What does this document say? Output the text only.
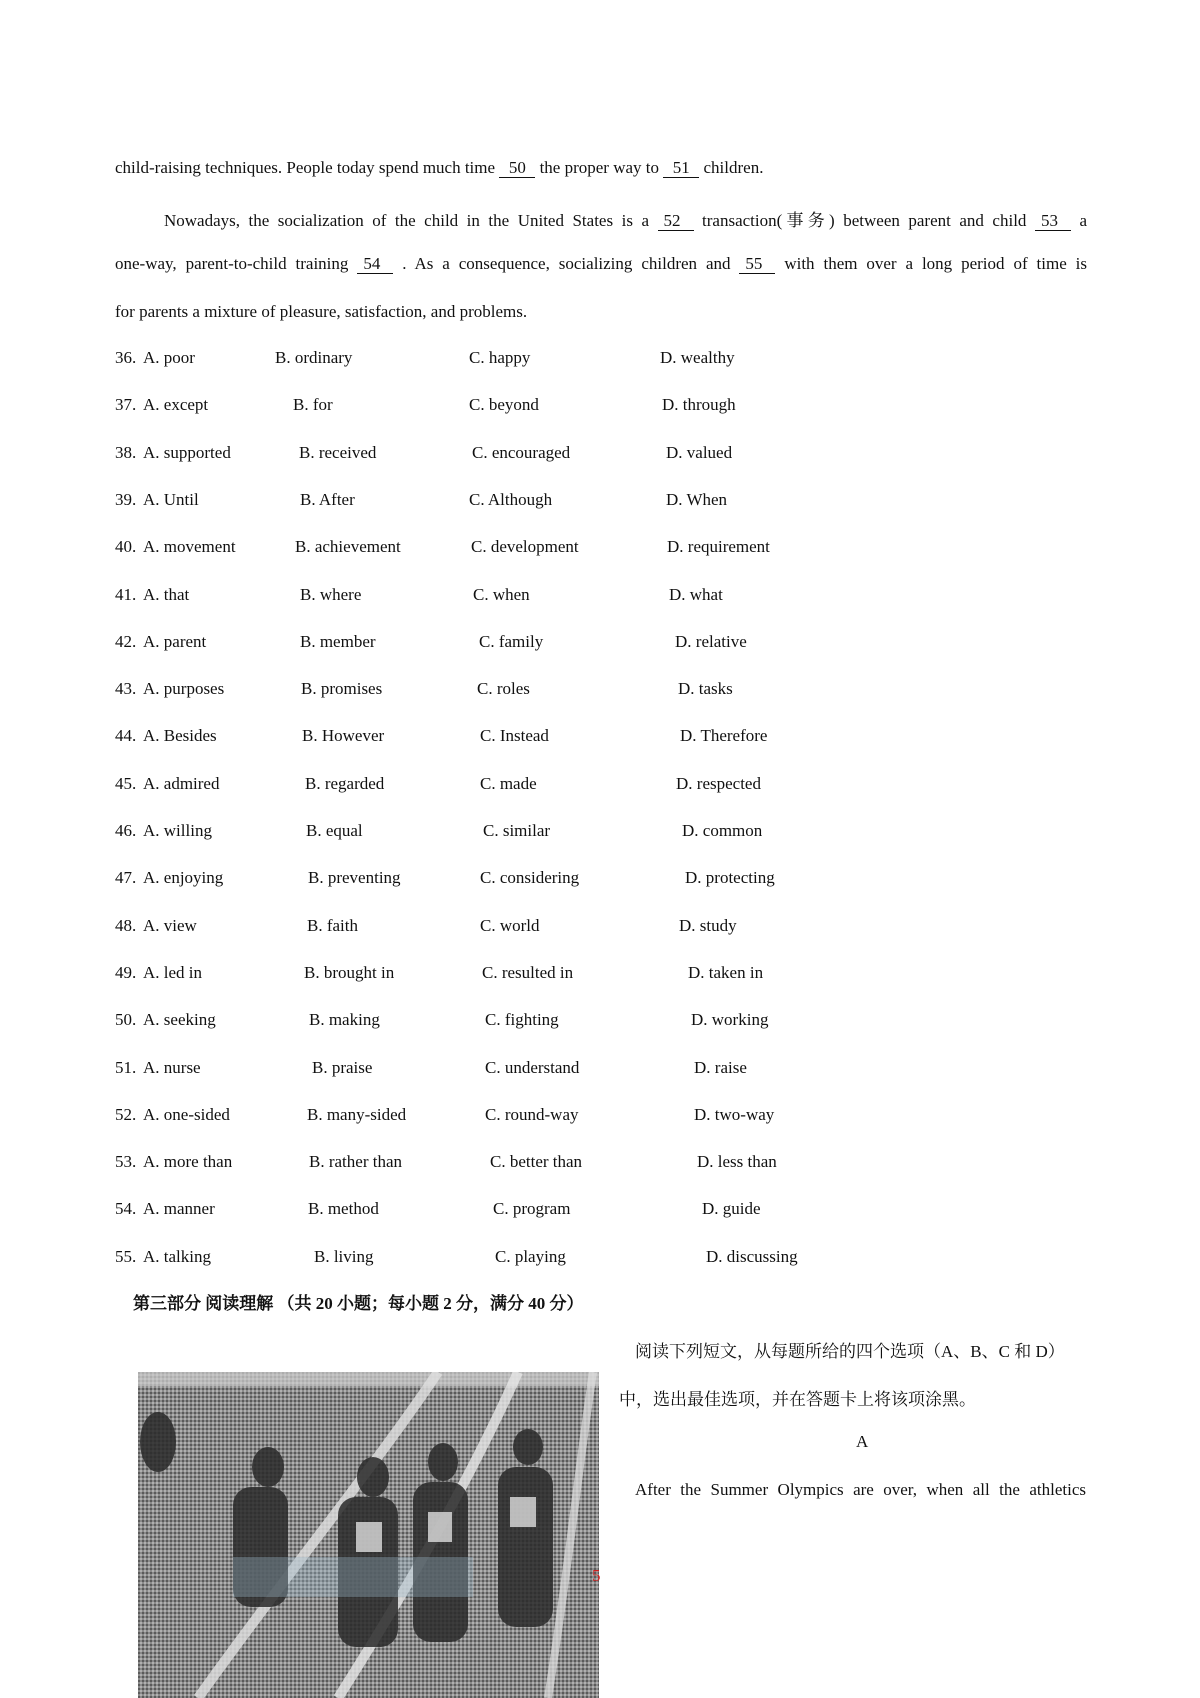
child-raising techniques. People today spend much time 50 the proper way to 51 children.
Nowadays, the socialization of the child in the United States is a 52 transaction(事务) between parent and child 53 a
one-way, parent-to-child training 54 . As a consequence, socializing children and 55 with them over a long period of time is
for parents a mixture of pleasure, satisfaction, and problems.
36. A. poor	B. ordinary	C. happy	D. wealthy
37. A. except	B. for	C. beyond	D. through
38. A. supported	B. received	C. encouraged	D. valued
39. A. Until	B. After	C. Although	D. When
40. A. movement	B. achievement	C. development	D. requirement
41. A. that	B. where	C. when	D. what
42. A. parent	B. member	C. family	D. relative
43. A. purposes	B. promises	C. roles	D. tasks
44. A. Besides	B. However	C. Instead	D. Therefore
45. A. admired	B. regarded	C. made	D. respected
46. A. willing	B. equal	C. similar	D. common
47. A. enjoying	B. preventing	C. considering	D. protecting
48. A. view	B. faith	C. world	D. study
49. A. led in	B. brought in	C. resulted in	D. taken in
50. A. seeking	B. making	C. fighting	D. working
51. A. nurse	B. praise	C. understand	D. raise
52. A. one-sided	B. many-sided	C. round-way	D. two-way
53. A. more than	B. rather than	C. better than	D. less than
54. A. manner	B. method	C. program	D. guide
55. A. talking	B. living	C. playing	D. discussing
第三部分 阅读理解 （共 20 小题；每小题 2 分，满分 40 分）
阅读下列短文，从每题所给的四个选项（A、B、C 和 D）
中，选出最佳选项，并在答题卡上将该项涂黑。
A
After the Summer Olympics are over, when all the athletics
5
